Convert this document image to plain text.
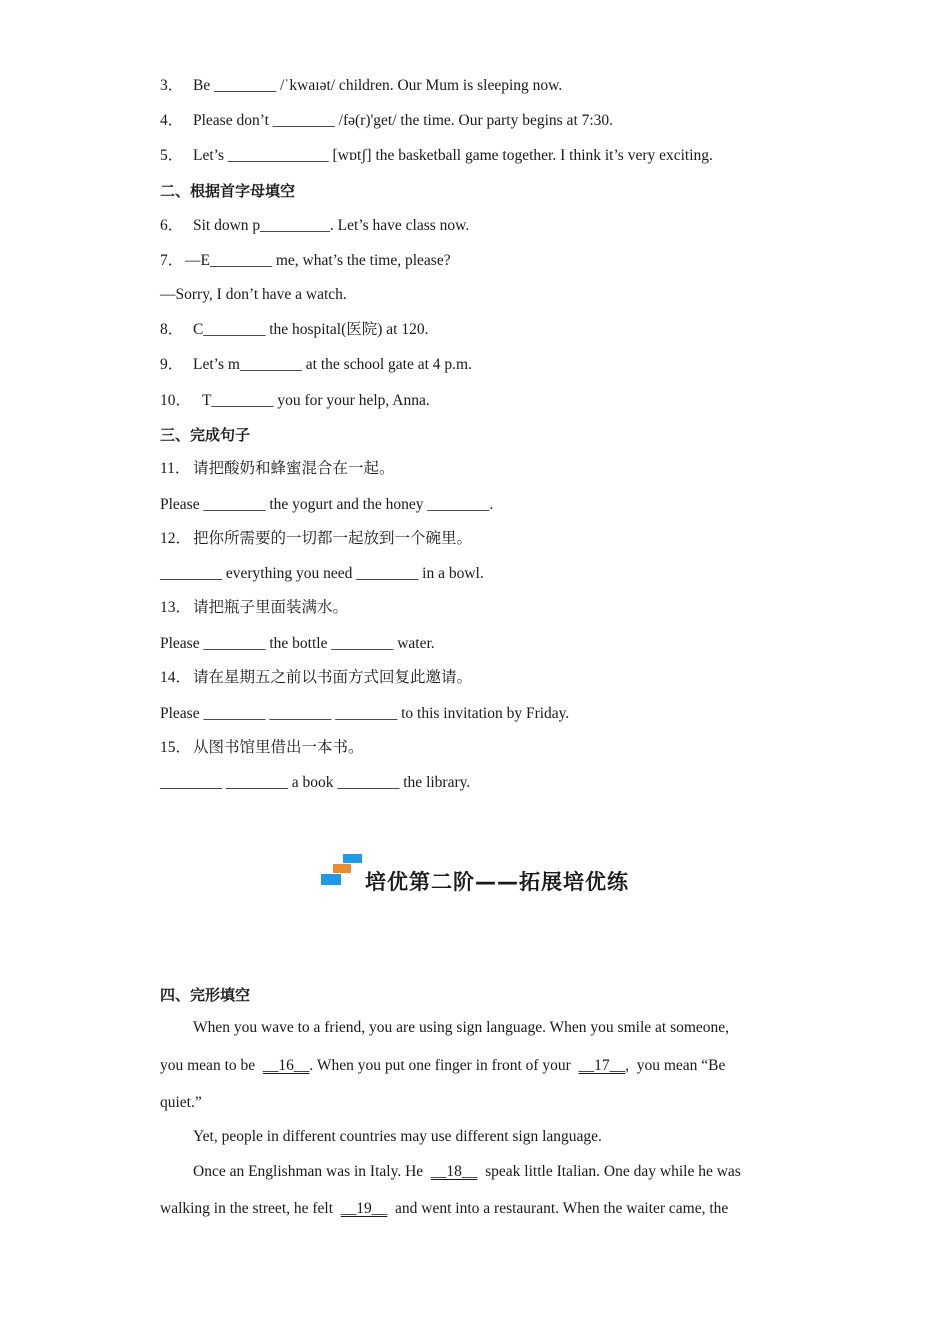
3． Be ________ /ˈkwaɪət/ children. Our Mum is sleeping now.
4． Please don’t ________ /fə(r)'get/ the time. Our party begins at 7:30.
5． Let’s _____________ [wɒtʃ] the basketball game together. I think it’s very exciting.
二、根据首字母填空
6． Sit down p_________. Let’s have class now.
7． —E________ me, what’s the time, please?
—Sorry, I don’t have a watch.
8． C________ the hospital(医院) at 120.
9． Let’s m________ at the school gate at 4 p.m.
10． T________ you for your help, Anna.
三、完成句子
11． 请把酸奶和蜂蜜混合在一起。
Please ________ the yogurt and the honey ________.
12． 把你所需要的一切都一起放到一个碗里。
________ everything you need ________ in a bowl.
13． 请把瓶子里面装满水。
Please ________ the bottle ________ water.
14． 请在星期五之前以书面方式回复此邀请。
Please ________ ________ ________ to this invitation by Friday.
15． 从图书馆里借出一本书。
________ ________ a book ________ the library.
培优第二阶——拓展培优练
四、完形填空
When you wave to a friend, you are using sign language. When you smile at someone,
you mean to be  __16__. When you put one finger in front of your  __17__,  you mean “Be
quiet.”
Yet, people in different countries may use different sign language.
Once an Englishman was in Italy. He  __18__  speak little Italian. One day while he was
walking in the street, he felt  __19__  and went into a restaurant. When the waiter came, the
